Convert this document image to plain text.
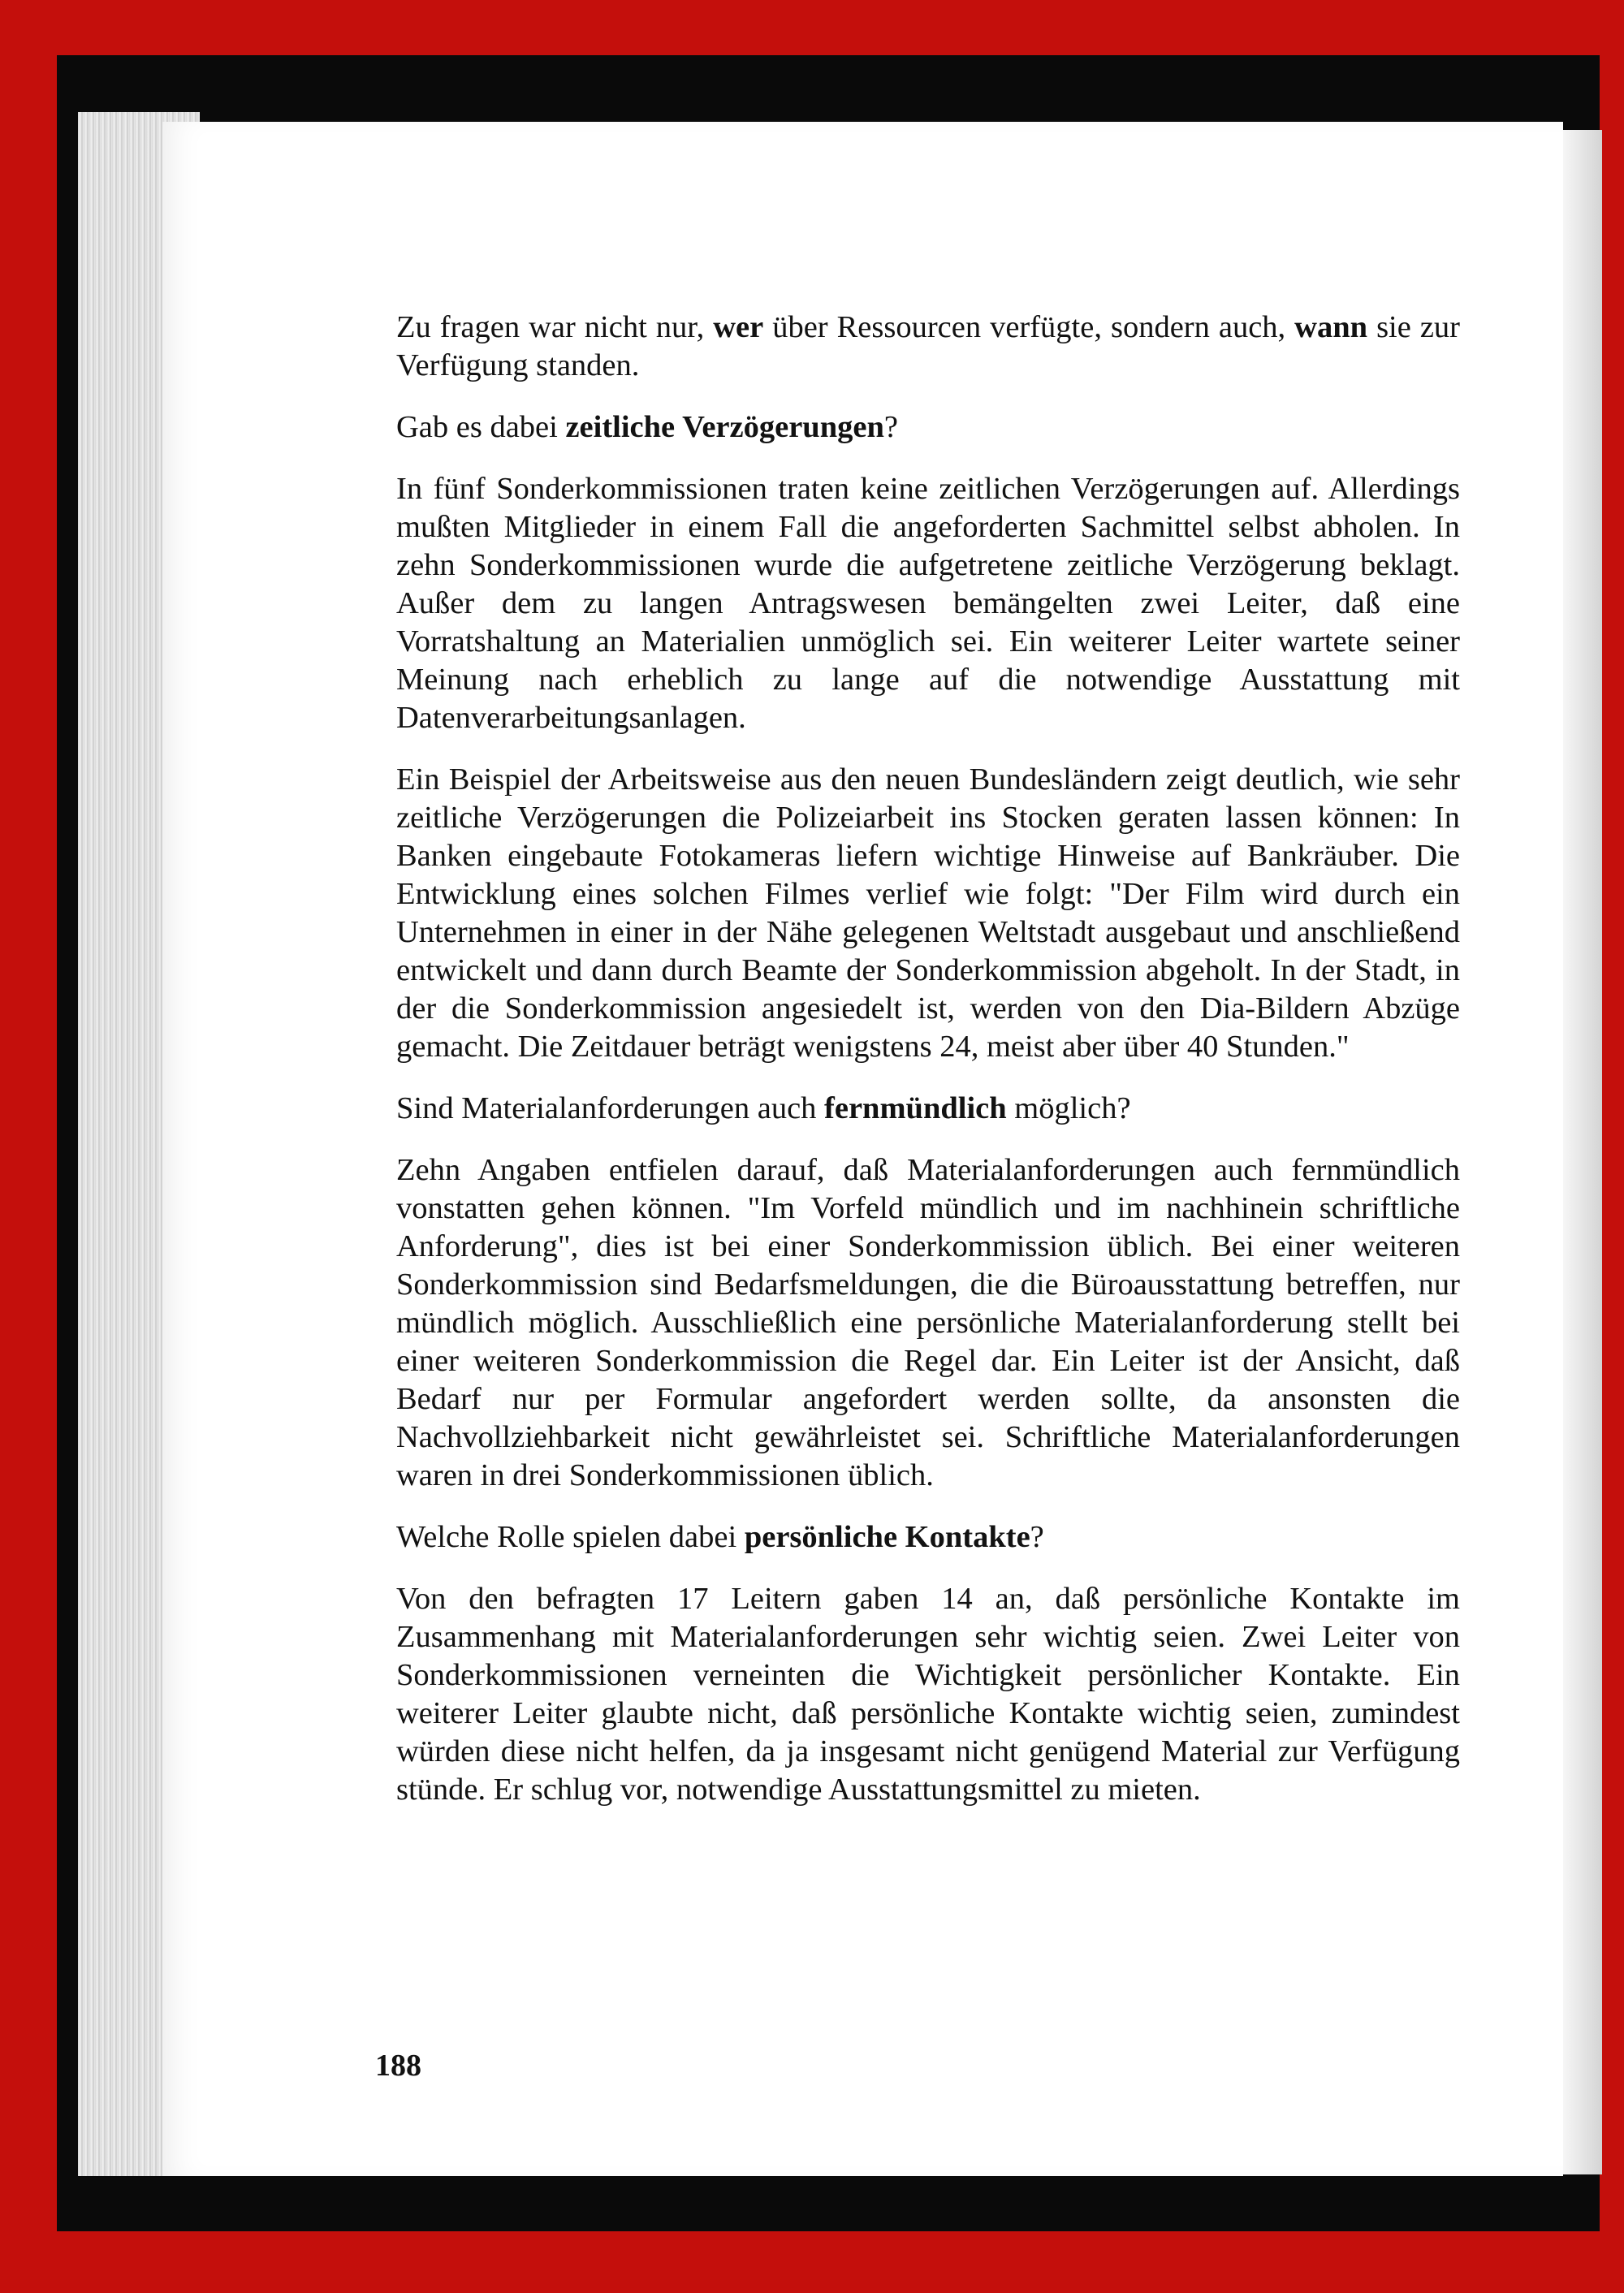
Zu fragen war nicht nur, wer über Ressourcen verfügte, sondern auch, wann sie zur Verfügung standen.

Gab es dabei zeitliche Verzögerungen?

In fünf Sonderkommissionen traten keine zeitlichen Verzögerungen auf. Allerdings mußten Mitglieder in einem Fall die angeforderten Sachmittel selbst abholen. In zehn Sonderkommissionen wurde die aufgetretene zeitliche Verzögerung beklagt. Außer dem zu langen Antragswesen bemängelten zwei Leiter, daß eine Vorratshaltung an Materialien unmöglich sei. Ein weiterer Leiter wartete seiner Meinung nach erheblich zu lange auf die notwendige Ausstattung mit Datenverarbeitungsanlagen.

Ein Beispiel der Arbeitsweise aus den neuen Bundesländern zeigt deutlich, wie sehr zeitliche Verzögerungen die Polizeiarbeit ins Stocken geraten lassen können: In Banken eingebaute Fotokameras liefern wichtige Hinweise auf Bankräuber. Die Entwicklung eines solchen Filmes verlief wie folgt: "Der Film wird durch ein Unternehmen in einer in der Nähe gelegenen Weltstadt ausgebaut und anschließend entwickelt und dann durch Beamte der Sonderkommission abgeholt. In der Stadt, in der die Sonderkommission angesiedelt ist, werden von den Dia-Bildern Abzüge gemacht. Die Zeitdauer beträgt wenigstens 24, meist aber über 40 Stunden."

Sind Materialanforderungen auch fernmündlich möglich?

Zehn Angaben entfielen darauf, daß Materialanforderungen auch fernmündlich vonstatten gehen können. "Im Vorfeld mündlich und im nachhinein schriftliche Anforderung", dies ist bei einer Sonderkommission üblich. Bei einer weiteren Sonderkommission sind Bedarfsmeldungen, die die Büroausstattung betreffen, nur mündlich möglich. Ausschließlich eine persönliche Materialanforderung stellt bei einer weiteren Sonderkommission die Regel dar. Ein Leiter ist der Ansicht, daß Bedarf nur per Formular angefordert werden sollte, da ansonsten die Nachvollziehbarkeit nicht gewährleistet sei. Schriftliche Materialanforderungen waren in drei Sonderkommissionen üblich.

Welche Rolle spielen dabei persönliche Kontakte?

Von den befragten 17 Leitern gaben 14 an, daß persönliche Kontakte im Zusammenhang mit Materialanforderungen sehr wichtig seien. Zwei Leiter von Sonderkommissionen verneinten die Wichtigkeit persönlicher Kontakte. Ein weiterer Leiter glaubte nicht, daß persönliche Kontakte wichtig seien, zumindest würden diese nicht helfen, da ja insgesamt nicht genügend Material zur Verfügung stünde. Er schlug vor, notwendige Ausstattungsmittel zu mieten.

188
